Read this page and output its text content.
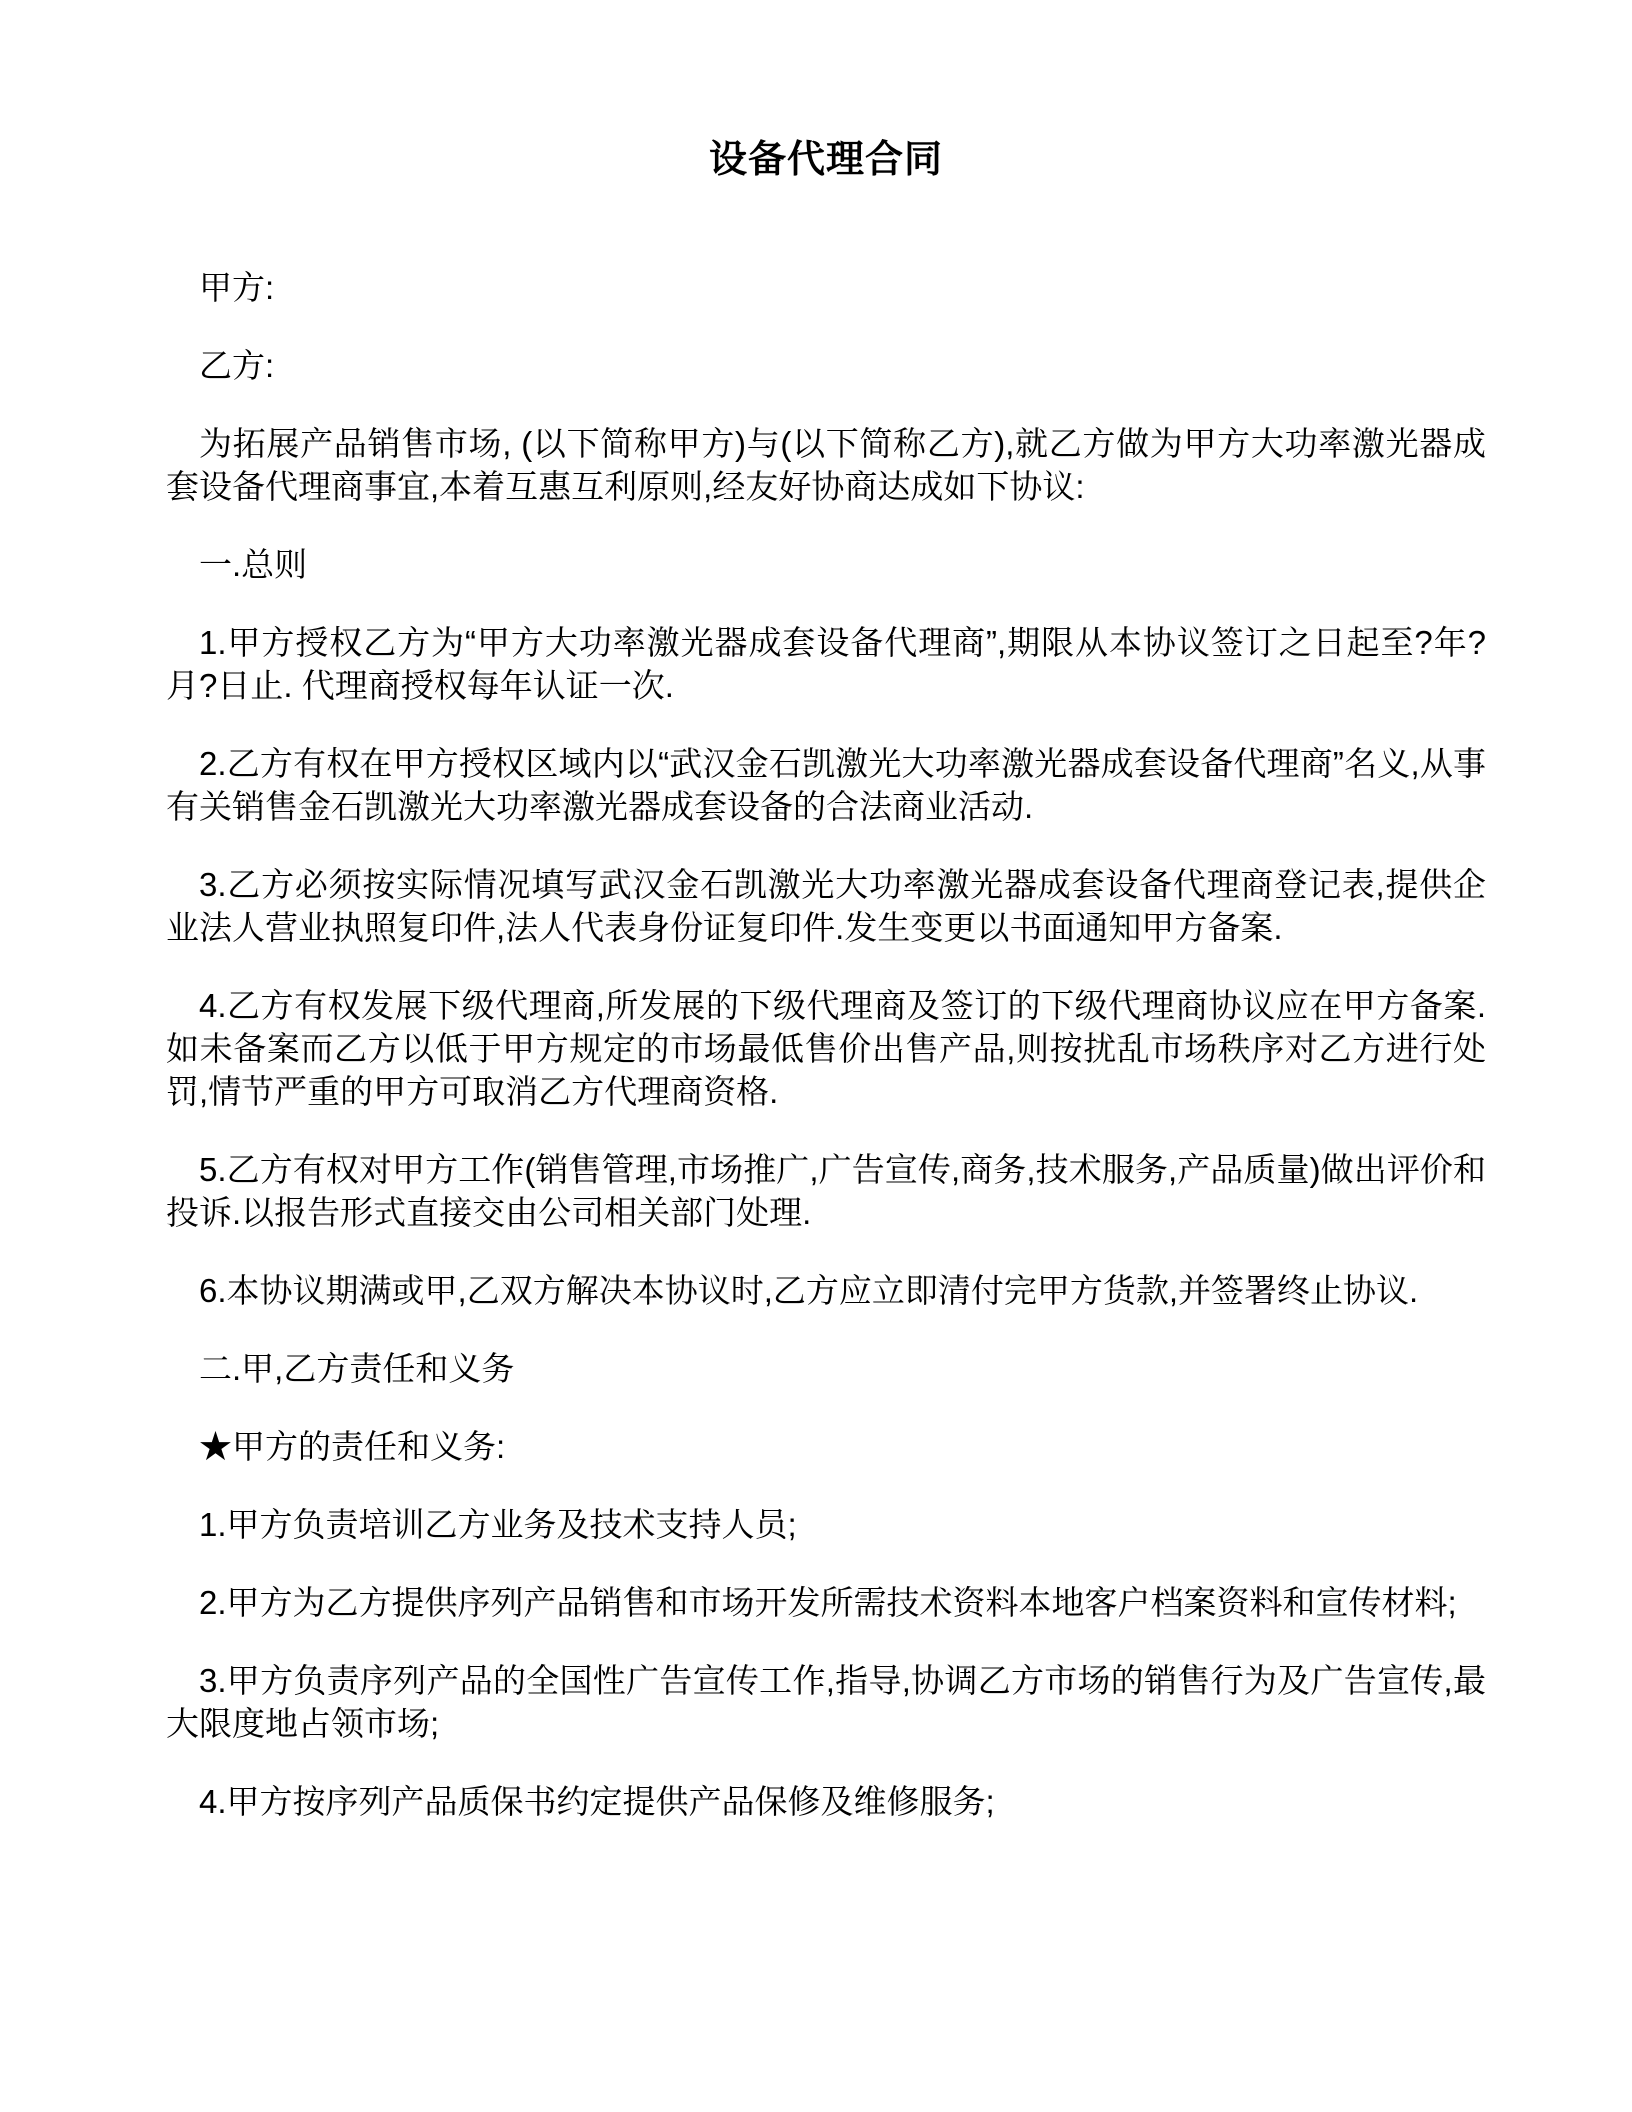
设备代理合同

甲方:

乙方:

为拓展产品销售市场, (以下简称甲方)与(以下简称乙方),就乙方做为甲方大功率激光器成套设备代理商事宜,本着互惠互利原则,经友好协商达成如下协议:

一.总则

1.甲方授权乙方为“甲方大功率激光器成套设备代理商”,期限从本协议签订之日起至?年?月?日止. 代理商授权每年认证一次.

2.乙方有权在甲方授权区域内以“武汉金石凯激光大功率激光器成套设备代理商”名义,从事有关销售金石凯激光大功率激光器成套设备的合法商业活动.

3.乙方必须按实际情况填写武汉金石凯激光大功率激光器成套设备代理商登记表,提供企业法人营业执照复印件,法人代表身份证复印件.发生变更以书面通知甲方备案.

4.乙方有权发展下级代理商,所发展的下级代理商及签订的下级代理商协议应在甲方备案.如未备案而乙方以低于甲方规定的市场最低售价出售产品,则按扰乱市场秩序对乙方进行处罚,情节严重的甲方可取消乙方代理商资格.

5.乙方有权对甲方工作(销售管理,市场推广,广告宣传,商务,技术服务,产品质量)做出评价和投诉.以报告形式直接交由公司相关部门处理.

6.本协议期满或甲,乙双方解决本协议时,乙方应立即清付完甲方货款,并签署终止协议.

二.甲,乙方责任和义务

★甲方的责任和义务:

1.甲方负责培训乙方业务及技术支持人员;

2.甲方为乙方提供序列产品销售和市场开发所需技术资料本地客户档案资料和宣传材料;

3.甲方负责序列产品的全国性广告宣传工作,指导,协调乙方市场的销售行为及广告宣传,最大限度地占领市场;

4.甲方按序列产品质保书约定提供产品保修及维修服务;
